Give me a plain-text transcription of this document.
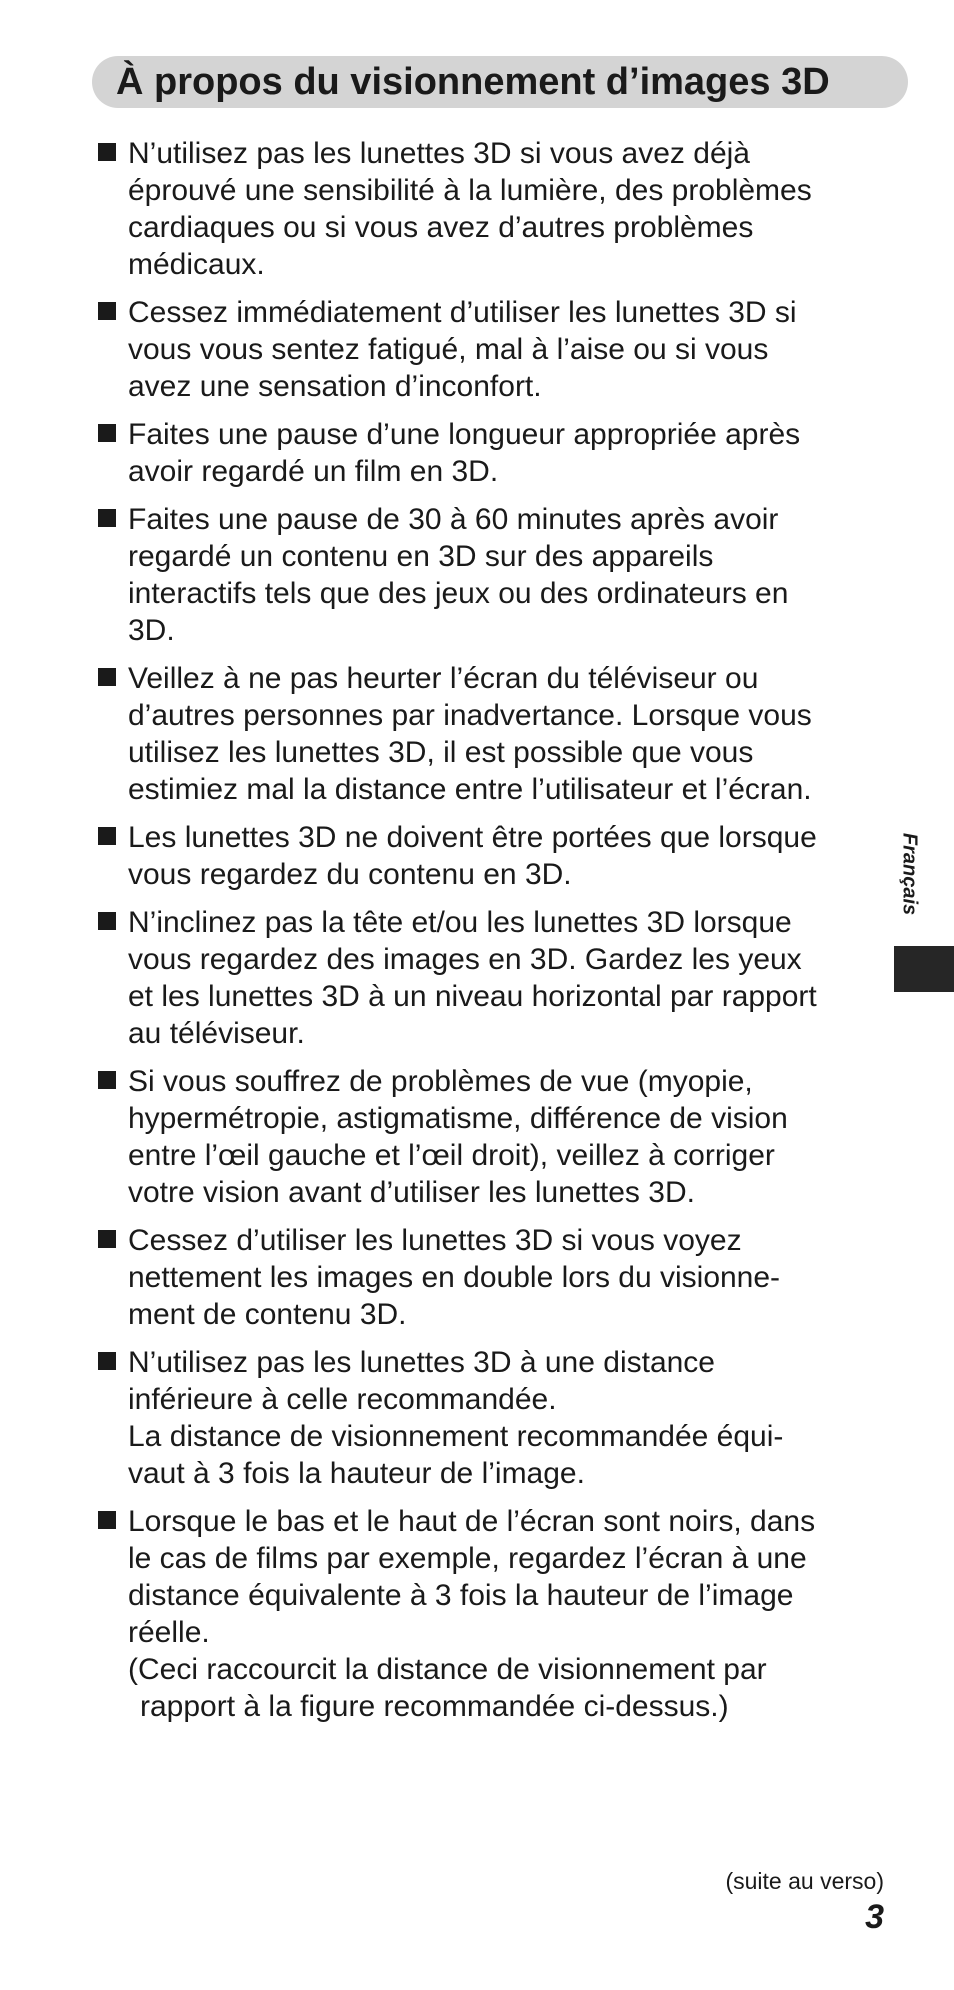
À propos du visionnement d’images 3D
N’utilisez pas les lunettes 3D si vous avez déjà
éprouvé une sensibilité à la lumière, des problèmes
cardiaques ou si vous avez d’autres problèmes
médicaux.
Cessez immédiatement d’utiliser les lunettes 3D si
vous vous sentez fatigué, mal à l’aise ou si vous
avez une sensation d’inconfort.
Faites une pause d’une longueur appropriée après
avoir regardé un film en 3D.
Faites une pause de 30 à 60 minutes après avoir
regardé un contenu en 3D sur des appareils
interactifs tels que des jeux ou des ordinateurs en
3D.
Veillez à ne pas heurter l’écran du téléviseur ou
d’autres personnes par inadvertance. Lorsque vous
utilisez les lunettes 3D, il est possible que vous
estimiez mal la distance entre l’utilisateur et l’écran.
Les lunettes 3D ne doivent être portées que lorsque
vous regardez du contenu en 3D.
N’inclinez pas la tête et/ou les lunettes 3D lorsque
vous regardez des images en 3D. Gardez les yeux
et les lunettes 3D à un niveau horizontal par rapport
au téléviseur.
Si vous souffrez de problèmes de vue (myopie,
hypermétropie, astigmatisme, différence de vision
entre l’œil gauche et l’œil droit), veillez à corriger
votre vision avant d’utiliser les lunettes 3D.
Cessez d’utiliser les lunettes 3D si vous voyez
nettement les images en double lors du visionne-
ment de contenu 3D.
N’utilisez pas les lunettes 3D à une distance
inférieure à celle recommandée.
La distance de visionnement recommandée équi-
vaut à 3 fois la hauteur de l’image.
Lorsque le bas et le haut de l’écran sont noirs, dans
le cas de films par exemple, regardez l’écran à une
distance équivalente à 3 fois la hauteur de l’image
réelle.
(Ceci raccourcit la distance de visionnement par
rapport à la figure recommandée ci-dessus.)
Français
(suite au verso)
3
